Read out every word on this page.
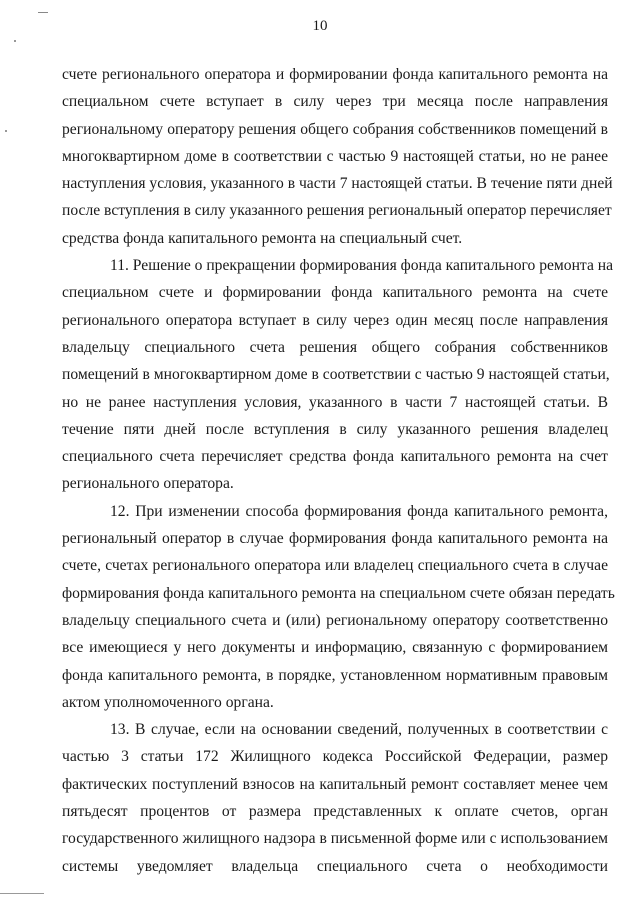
10
счете регионального оператора и формировании фонда капитального ремонта на
специальном счете вступает в силу через три месяца после направления
региональному оператору решения общего собрания собственников помещений в
многоквартирном доме в соответствии с частью 9 настоящей статьи, но не ранее
наступления условия, указанного в части 7 настоящей статьи. В течение пяти дней
после вступления в силу указанного решения региональный оператор перечисляет
средства фонда капитального ремонта на специальный счет.
11. Решение о прекращении формирования фонда капитального ремонта на
специальном счете и формировании фонда капитального ремонта на счете
регионального оператора вступает в силу через один месяц после направления
владельцу специального счета решения общего собрания собственников
помещений в многоквартирном доме в соответствии с частью 9 настоящей статьи,
но не ранее наступления условия, указанного в части 7 настоящей статьи. В
течение пяти дней после вступления в силу указанного решения владелец
специального счета перечисляет средства фонда капитального ремонта на счет
регионального оператора.
12. При изменении способа формирования фонда капитального ремонта,
региональный оператор в случае формирования фонда капитального ремонта на
счете, счетах регионального оператора или владелец специального счета в случае
формирования фонда капитального ремонта на специальном счете обязан передать
владельцу специального счета и (или) региональному оператору соответственно
все имеющиеся у него документы и информацию, связанную с формированием
фонда капитального ремонта, в порядке, установленном нормативным правовым
актом уполномоченного органа.
13. В случае, если на основании сведений, полученных в соответствии с
частью 3 статьи 172 Жилищного кодекса Российской Федерации, размер
фактических поступлений взносов на капитальный ремонт составляет менее чем
пятьдесят процентов от размера представленных к оплате счетов, орган
государственного жилищного надзора в письменной форме или с использованием
системы уведомляет владельца специального счета о необходимости
